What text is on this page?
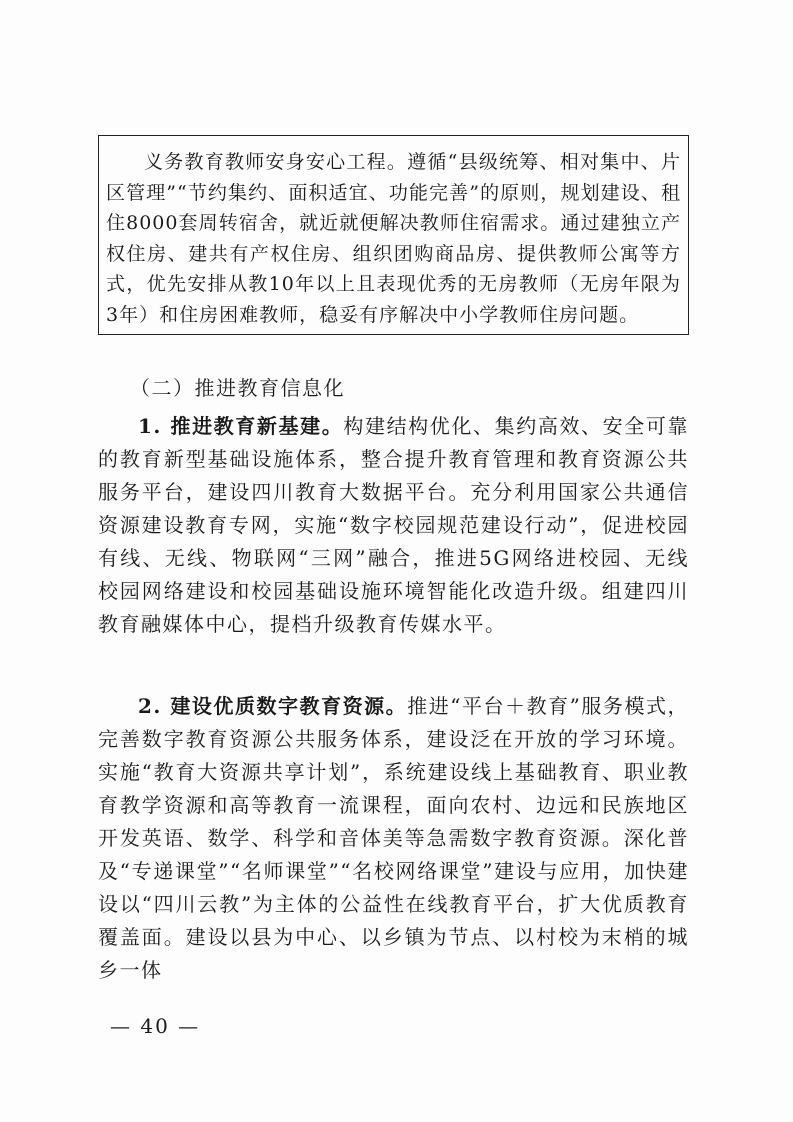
义务教育教师安身安心工程。遵循“县级统筹、相对集中、片区管理”“节约集约、面积适宜、功能完善”的原则，规划建设、租住8000套周转宿舍，就近就便解决教师住宿需求。通过建独立产权住房、建共有产权住房、组织团购商品房、提供教师公寓等方式，优先安排从教10年以上且表现优秀的无房教师（无房年限为3年）和住房困难教师，稳妥有序解决中小学教师住房问题。

（二）推进教育信息化

1. 推进教育新基建。构建结构优化、集约高效、安全可靠的教育新型基础设施体系，整合提升教育管理和教育资源公共服务平台，建设四川教育大数据平台。充分利用国家公共通信资源建设教育专网，实施“数字校园规范建设行动”，促进校园有线、无线、物联网“三网”融合，推进5G网络进校园、无线校园网络建设和校园基础设施环境智能化改造升级。组建四川教育融媒体中心，提档升级教育传媒水平。

2. 建设优质数字教育资源。推进“平台＋教育”服务模式，完善数字教育资源公共服务体系，建设泛在开放的学习环境。实施“教育大资源共享计划”，系统建设线上基础教育、职业教育教学资源和高等教育一流课程，面向农村、边远和民族地区开发英语、数学、科学和音体美等急需数字教育资源。深化普及“专递课堂”“名师课堂”“名校网络课堂”建设与应用，加快建设以“四川云教”为主体的公益性在线教育平台，扩大优质教育覆盖面。建设以县为中心、以乡镇为节点、以村校为末梢的城乡一体

— 40 —
